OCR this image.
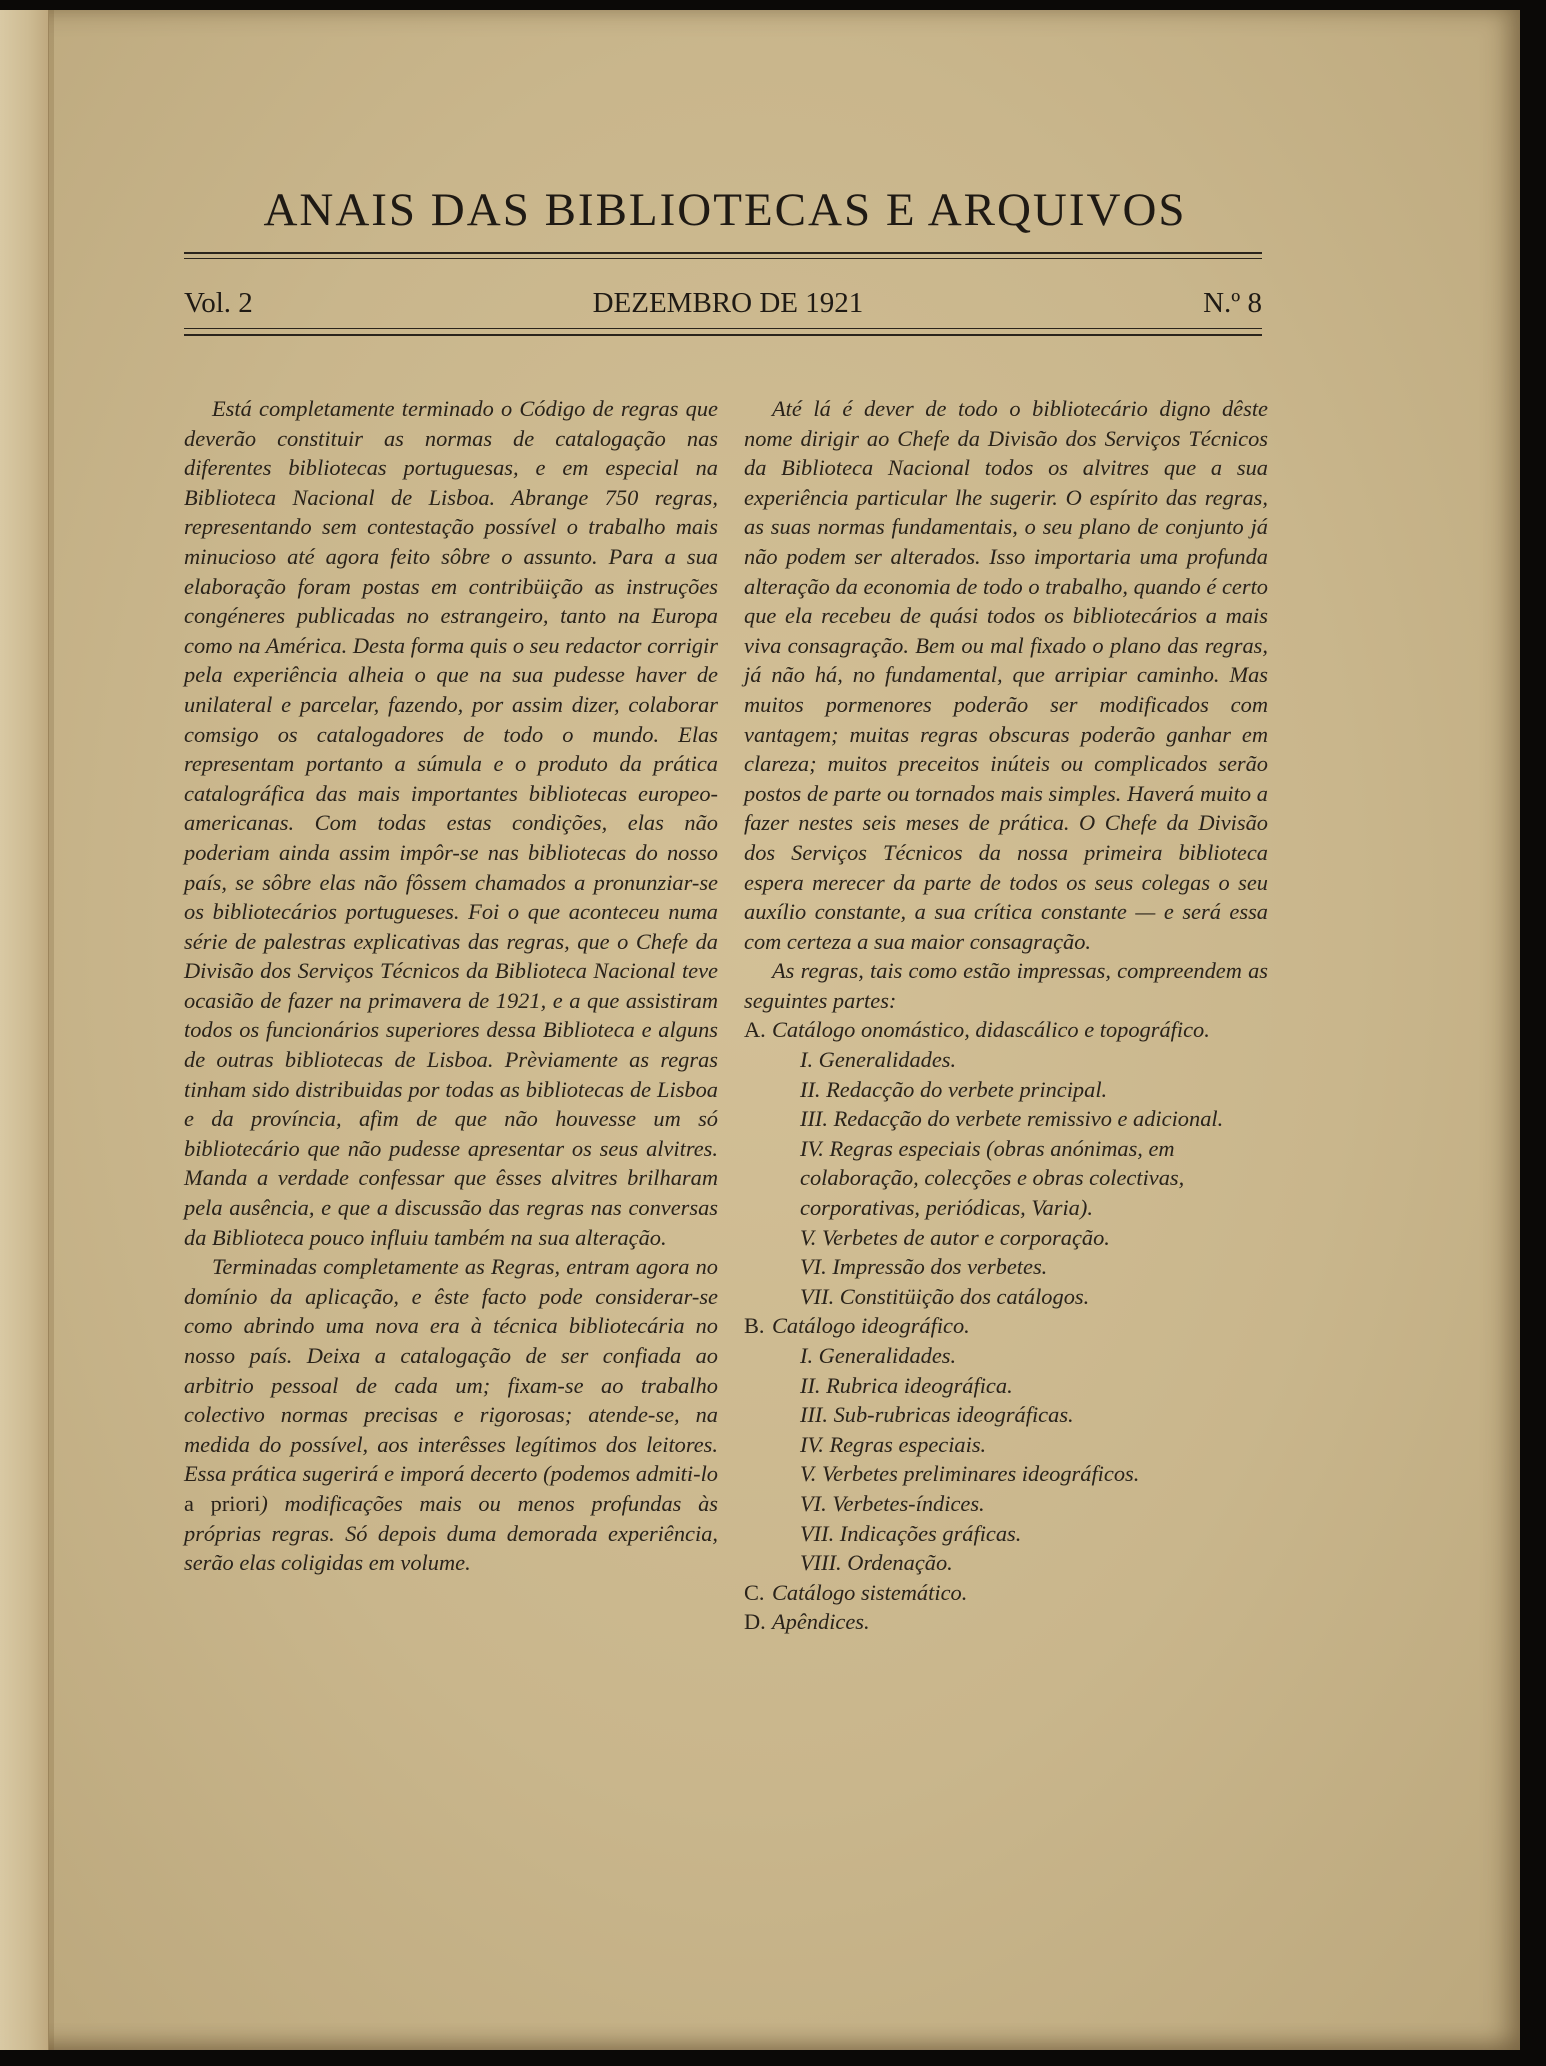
ANAIS DAS BIBLIOTECAS E ARQUIVOS
Vol. 2	DEZEMBRO DE 1921	N.º 8

Está completamente terminado o Código de regras que deverão constituir as normas de catalogação nas diferentes bibliotecas portuguesas, e em especial na Biblioteca Nacional de Lisboa. Abrange 750 regras, representando sem contestação possível o trabalho mais minucioso até agora feito sôbre o assunto. Para a sua elaboração foram postas em contribüição as instruções congéneres publicadas no estrangeiro, tanto na Europa como na América. Desta forma quis o seu redactor corrigir pela experiência alheia o que na sua pudesse haver de unilateral e parcelar, fazendo, por assim dizer, colaborar comsigo os catalogadores de todo o mundo. Elas representam portanto a súmula e o produto da prática catalográfica das mais importantes bibliotecas europeo-americanas. Com todas estas condições, elas não poderiam ainda assim impôr-se nas bibliotecas do nosso país, se sôbre elas não fôssem chamados a pronunziar-se os bibliotecários portugueses. Foi o que aconteceu numa série de palestras explicativas das regras, que o Chefe da Divisão dos Serviços Técnicos da Biblioteca Nacional teve ocasião de fazer na primavera de 1921, e a que assistiram todos os funcionários superiores dessa Biblioteca e alguns de outras bibliotecas de Lisboa. Prèviamente as regras tinham sido distribuidas por todas as bibliotecas de Lisboa e da província, afim de que não houvesse um só bibliotecário que não pudesse apresentar os seus alvitres. Manda a verdade confessar que êsses alvitres brilharam pela ausência, e que a discussão das regras nas conversas da Biblioteca pouco influiu também na sua alteração.

Terminadas completamente as Regras, entram agora no domínio da aplicação, e êste facto pode considerar-se como abrindo uma nova era à técnica bibliotecária no nosso país. Deixa a catalogação de ser confiada ao arbitrio pessoal de cada um; fixam-se ao trabalho colectivo normas precisas e rigorosas; atende-se, na medida do possível, aos interêsses legítimos dos leitores. Essa prática sugerirá e imporá decerto (podemos admiti-lo a priori) modificações mais ou menos profundas às próprias regras. Só depois duma demorada experiência, serão elas coligidas em volume.

Até lá é dever de todo o bibliotecário digno dêste nome dirigir ao Chefe da Divisão dos Serviços Técnicos da Biblioteca Nacional todos os alvitres que a sua experiência particular lhe sugerir. O espírito das regras, as suas normas fundamentais, o seu plano de conjunto já não podem ser alterados. Isso importaria uma profunda alteração da economia de todo o trabalho, quando é certo que ela recebeu de quási todos os bibliotecários a mais viva consagração. Bem ou mal fixado o plano das regras, já não há, no fundamental, que arripiar caminho. Mas muitos pormenores poderão ser modificados com vantagem; muitas regras obscuras poderão ganhar em clareza; muitos preceitos inúteis ou complicados serão postos de parte ou tornados mais simples. Haverá muito a fazer nestes seis meses de prática. O Chefe da Divisão dos Serviços Técnicos da nossa primeira biblioteca espera merecer da parte de todos os seus colegas o seu auxílio constante, a sua crítica constante — e será essa com certeza a sua maior consagração.

As regras, tais como estão impressas, compreendem as seguintes partes:

A. Catálogo onomástico, didascálico e topográfico.
I. Generalidades.
II. Redacção do verbete principal.
III. Redacção do verbete remissivo e adicional.
IV. Regras especiais (obras anónimas, em colaboração, colecções e obras colectivas, corporativas, periódicas, Varia).
V. Verbetes de autor e corporação.
VI. Impressão dos verbetes.
VII. Constitüição dos catálogos.
B. Catálogo ideográfico.
I. Generalidades.
II. Rubrica ideográfica.
III. Sub-rubricas ideográficas.
IV. Regras especiais.
V. Verbetes preliminares ideográficos.
VI. Verbetes-índices.
VII. Indicações gráficas.
VIII. Ordenação.
C. Catálogo sistemático.
D. Apêndices.
